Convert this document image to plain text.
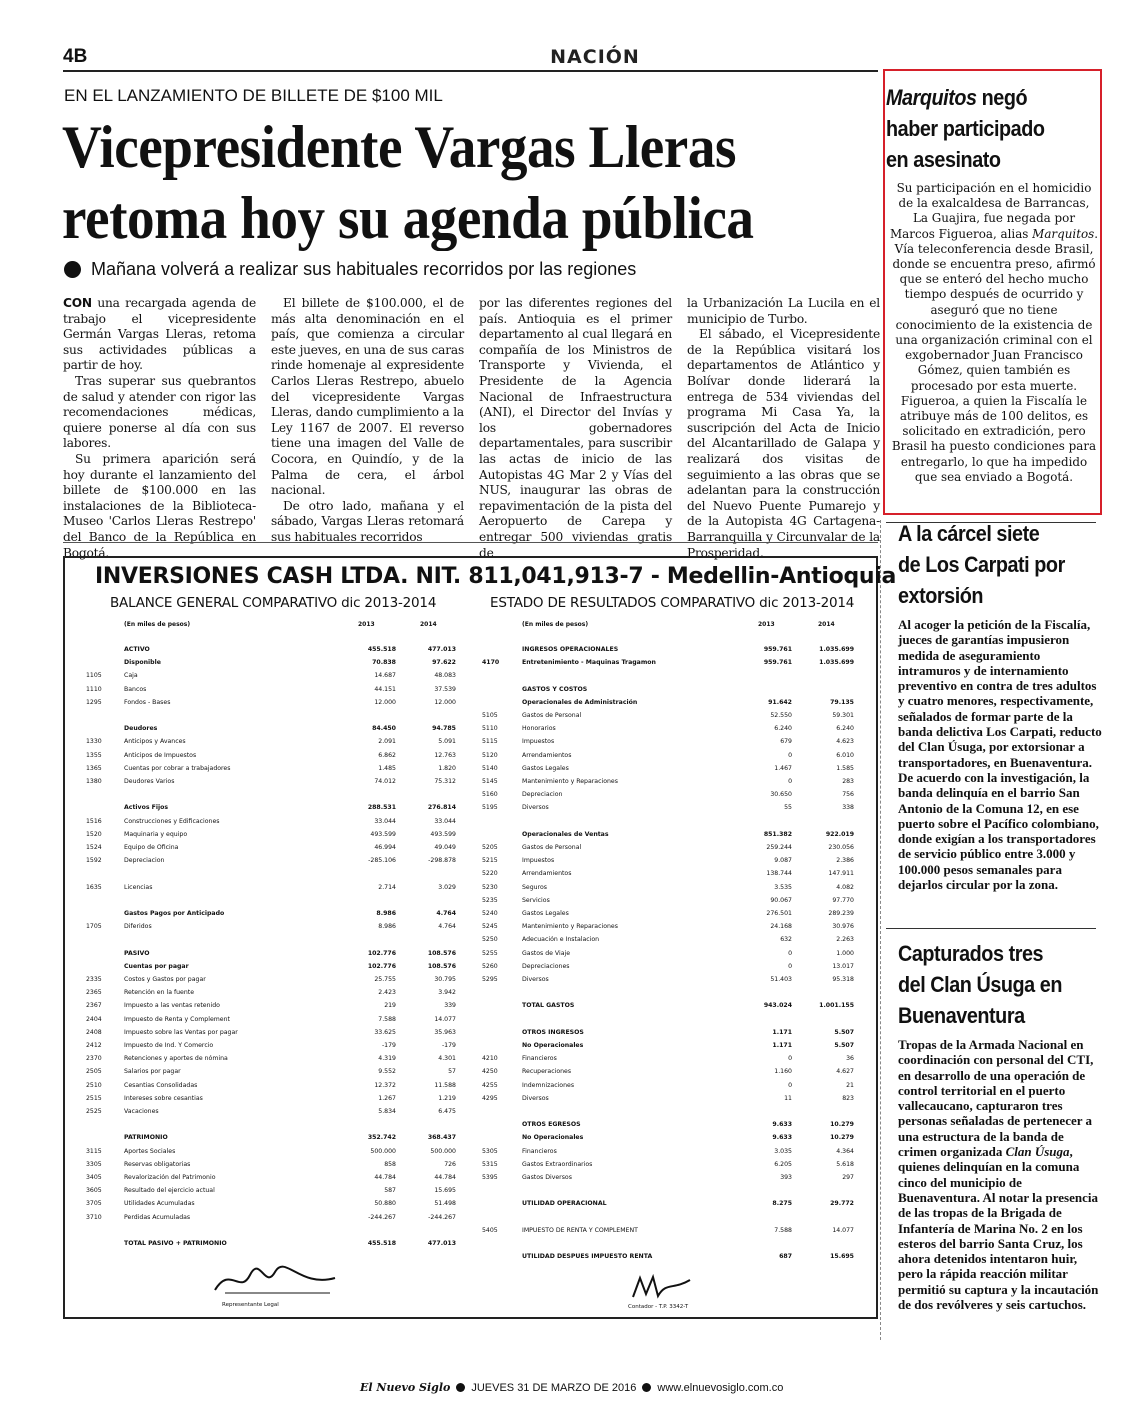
4B	NACIÓN
EN EL LANZAMIENTO DE BILLETE DE $100 MIL
Vicepresidente Vargas Lleras
retoma hoy su agenda pública
Mañana volverá a realizar sus habituales recorridos por las regiones

CON una recargada agenda de trabajo el vicepresidente Germán Vargas Lleras, retoma sus actividades públicas a partir de hoy.

Tras superar sus quebrantos de salud y atender con rigor las recomendaciones médicas, quiere ponerse al día con sus labores.

Su primera aparición será hoy durante el lanzamiento del billete de $100.000 en las instalaciones de la Biblioteca-Museo 'Carlos Lleras Restrepo' del Banco de la República en Bogotá.

El billete de $100.000, el de más alta denominación en el país, que comienza a circular este jueves, en una de sus caras rinde homenaje al expresidente Carlos Lleras Restrepo, abuelo del vicepresidente Vargas Lleras, dando cumplimiento a la Ley 1167 de 2007. El reverso tiene una imagen del Valle de Cocora, en Quindío, y de la Palma de cera, el árbol nacional.

De otro lado, mañana y el sábado, Vargas Lleras retomará sus habituales recorridos

por las diferentes regiones del país. Antioquia es el primer departamento al cual llegará en compañía de los Ministros de Transporte y Vivienda, el Presidente de la Agencia Nacional de Infraestructura (ANI), el Director del Invías y los gobernadores departamentales, para suscribir las actas de inicio de las Autopistas 4G Mar 2 y Vías del NUS, inaugurar las obras de repavimentación de la pista del Aeropuerto de Carepa y entregar 500 viviendas gratis de

la Urbanización La Lucila en el municipio de Turbo.

El sábado, el Vicepresidente de la República visitará los departamentos de Atlántico y Bolívar donde liderará la entrega de 534 viviendas del programa Mi Casa Ya, la suscripción del Acta de Inicio del Alcantarillado de Galapa y realizará dos visitas de seguimiento a las obras que se adelantan para la construcción del Nuevo Puente Pumarejo y de la Autopista 4G Cartagena-Barranquilla y Circunvalar de la Prosperidad.

INVERSIONES CASH LTDA. NIT. 811,041,913-7 - Medellin-Antioquia
BALANCE GENERAL COMPARATIVO dic 2013-2014	ESTADO DE RESULTADOS COMPARATIVO dic 2013-2014
(En miles de pesos)	2013	2014	(En miles de pesos)	2013	2014
ACTIVO	455.518	477.013
Disponible	70.838	97.622
1105	Caja	14.687	48.083
1110	Bancos	44.151	37.539
1295	Fondos - Bases	12.000	12.000
Deudores	84.450	94.785
1330	Anticipos y Avances	2.091	5.091
1355	Anticipos de Impuestos	6.862	12.763
1365	Cuentas por cobrar a trabajadores	1.485	1.820
1380	Deudores Varios	74.012	75.312
Activos Fijos	288.531	276.814
1516	Construcciones y Edificaciones	33.044	33.044
1520	Maquinaria y equipo	493.599	493.599
1524	Equipo de Oficina	46.994	49.049
1592	Depreciacion	-285.106	-298.878
1635	Licencias	2.714	3.029
Gastos Pagos por Anticipado	8.986	4.764
1705	Diferidos	8.986	4.764
PASIVO	102.776	108.576
Cuentas por pagar	102.776	108.576
2335	Costos y Gastos por pagar	25.755	30.795
2365	Retención en la fuente	2.423	3.942
2367	Impuesto a las ventas retenido	219	339
2404	Impuesto de Renta y Complement	7.588	14.077
2408	Impuesto sobre las Ventas por pagar	33.625	35.963
2412	Impuesto de Ind. Y Comercio	-179	-179
2370	Retenciones y aportes de nómina	4.319	4.301
2505	Salarios por pagar	9.552	57
2510	Cesantias Consolidadas	12.372	11.588
2515	Intereses sobre cesantias	1.267	1.219
2525	Vacaciones	5.834	6.475
PATRIMONIO	352.742	368.437
3115	Aportes Sociales	500.000	500.000
3305	Reservas obligatorias	858	726
3405	Revalorización del Patrimonio	44.784	44.784
3605	Resultado del ejercicio actual	587	15.695
3705	Utilidades Acumuladas	50.880	51.498
3710	Perdidas Acumuladas	-244.267	-244.267
TOTAL PASIVO + PATRIMONIO	455.518	477.013
INGRESOS OPERACIONALES	959.761	1.035.699
4170	Entretenimiento - Maquinas Tragamon	959.761	1.035.699
GASTOS Y COSTOS
Operacionales de Administración	91.642	79.135
5105	Gastos de Personal	52.550	59.301
5110	Honorarios	6.240	6.240
5115	Impuestos	679	4.623
5120	Arrendamientos	0	6.010
5140	Gastos Legales	1.467	1.585
5145	Mantenimiento y Reparaciones	0	283
5160	Depreciacion	30.650	756
5195	Diversos	55	338
Operacionales de Ventas	851.382	922.019
5205	Gastos de Personal	259.244	230.056
5215	Impuestos	9.087	2.386
5220	Arrendamientos	138.744	147.911
5230	Seguros	3.535	4.082
5235	Servicios	90.067	97.770
5240	Gastos Legales	276.501	289.239
5245	Mantenimiento y Reparaciones	24.168	30.976
5250	Adecuación e Instalacion	632	2.263
5255	Gastos de Viaje	0	1.000
5260	Depreciaciones	0	13.017
5295	Diversos	51.403	95.318
TOTAL GASTOS	943.024	1.001.155
OTROS INGRESOS	1.171	5.507
No Operacionales	1.171	5.507
4210	Financieros	0	36
4250	Recuperaciones	1.160	4.627
4255	Indemnizaciones	0	21
4295	Diversos	11	823
OTROS EGRESOS	9.633	10.279
No Operacionales	9.633	10.279
5305	Financieros	3.035	4.364
5315	Gastos Extraordinarios	6.205	5.618
5395	Gastos Diversos	393	297
UTILIDAD OPERACIONAL	8.275	29.772
5405	IMPUESTO DE RENTA Y COMPLEMENT	7.588	14.077
UTILIDAD DESPUES IMPUESTO RENTA	687	15.695
Representante Legal	Contador - T.P. 3342-T
El Nuevo Siglo JUEVES 31 DE MARZO DE 2016 www.elnuevosiglo.com.co
Marquitos negó
haber participado
en asesinato
Su participación en el homicidio de la exalcaldesa de Barrancas, La Guajira, fue negada por Marcos Figueroa, alias Marquitos. Vía teleconferencia desde Brasil, donde se encuentra preso, afirmó que se enteró del hecho mucho tiempo después de ocurrido y aseguró que no tiene conocimiento de la existencia de una organización criminal con el exgobernador Juan Francisco Gómez, quien también es procesado por esta muerte. Figueroa, a quien la Fiscalía le atribuye más de 100 delitos, es solicitado en extradición, pero Brasil ha puesto condiciones para entregarlo, lo que ha impedido que sea enviado a Bogotá.
A la cárcel siete
de Los Carpati por
extorsión
Al acoger la petición de la Fiscalía, jueces de garantías impusieron medida de aseguramiento intramuros y de internamiento preventivo en contra de tres adultos y cuatro menores, respectivamente, señalados de formar parte de la banda delictiva Los Carpati, reducto del Clan Úsuga, por extorsionar a transportadores, en Buenaventura. De acuerdo con la investigación, la banda delinquía en el barrio San Antonio de la Comuna 12, en ese puerto sobre el Pacífico colombiano, donde exigían a los transportadores de servicio público entre 3.000 y 100.000 pesos semanales para dejarlos circular por la zona.
Capturados tres
del Clan Úsuga en
Buenaventura
Tropas de la Armada Nacional en coordinación con personal del CTI, en desarrollo de una operación de control territorial en el puerto vallecaucano, capturaron tres personas señaladas de pertenecer a una estructura de la banda de crimen organizada Clan Úsuga, quienes delinquían en la comuna cinco del municipio de Buenaventura. Al notar la presencia de las tropas de la Brigada de Infantería de Marina No. 2 en los esteros del barrio Santa Cruz, los ahora detenidos intentaron huir, pero la rápida reacción militar permitió su captura y la incautación de dos revólveres y seis cartuchos.
